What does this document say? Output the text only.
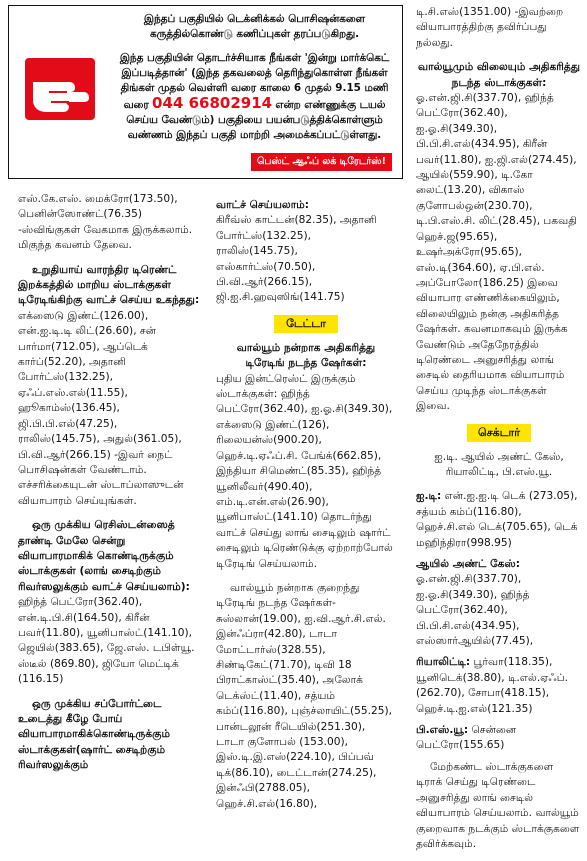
இந்தப் பகுதியில் டெக்னிக்கல் பொசிஷன்களை கருத்தில்கொண்டு கணிப்புகள் தரப்படுகிறது.

இந்த பகுதியின் தொடர்ச்சியாக நீங்கள் 'இன்று மார்க்கெட் இப்படித்தான்' (இந்த தகவலைத் தெரிந்துகொள்ள நீங்கள் திங்கள் முதல் வெள்ளி வரை காலை 6 முதல் 9.15 மணி வரை 044 66802914 என்ற எண்ணுக்கு டயல் செய்ய வேண்டும்) பகுதியை பயன்படுத்திக்கொள்ளும் வண்ணம் இந்தப் பகுதி மாற்றி அமைக்கப்பட்டுள்ளது.

பெஸ்ட் ஆஃப் லக் டிரேடர்ஸ்!

எஸ்.கே.எஸ். மைக்ரோ(173.50), பெனின்ஸோண்ட்(76.35) -ஸ்விங்குகள் வேகமாக இருக்கலாம். மிகுந்த கவனம் தேவை.

உறுதியாய் வாரந்திர டிரெண்ட் இறக்கத்தில் மாறிய ஸ்டாக்குகள் டிரேடிங்கிற்கு வாட்ச் செய்ய உகந்தது:

எக்ஸைடு இண்ட்(126.00), என்.ஐ.டி.டி லிட்(26.60), சன் பார்மா(712.05), ஆப்டெக் கார்ப்(52.20), அதானி போர்ட்ஸ்(132.25), ஏஃப்.எஸ்.எல்(11.55), ஹூகாம்ஸ்(136.45), ஜி.பி.பி.எல்(47.25), ராலிஸ்(145.75), அதுல்(361.05), பி.வி.ஆர்(266.15) -இவர் நைட் பொசிஷன்கள் வேண்டாம். எச்சரிக்கையுடன் ஸ்டாப்லாஸுடன் வியாபாரம் செய்யுங்கள்.

ஒரு முக்கிய ரெசிஸ்டன்ஸைத் தாண்டி மேலே சென்று வியாபாரமாகிக் கொண்டிருக்கும் ஸ்டாக்குகள் (லாங் சைடிற்கும் ரிவர்ஸலுக்கும் வாட்ச் செய்யலாம்):

ஹிந்த் பெட்ரோ(362.40), என்.டி.பி.சி(164.50), கிரீன் பவர்(11.80), யூனிபாஸ்ட்(141.10), ஜெயில்(383.65), ஜே.எஸ். டபிள்யூ. ஸ்டீல் (869.80), ஜியோ மெட்டிக் (116.15)

ஒரு முக்கிய சப்போர்ட்டை உடைத்து கீழே போய் வியாபாரமாகிக்கொண்டிருக்கும் ஸ்டாக்குகள்(ஷார்ட் சைடிற்கும் ரிவர்ஸலுக்கும்

வாட்ச் செய்யலாம்:

கிரீவ்ஸ் காட்டன்(82.35), அதானி போர்ட்ஸ்(132.25), ராலிஸ்(145.75), எஸ்கார்ட்ஸ்(70.50), பி.வி.ஆர்(266.15), ஜி.ஐ.சி.ஹவுஸிங்(141.75)

டேட்டா

வால்யூம் நன்றாக அதிகரித்து டிரேடிங் நடந்த ஷேர்கள்:

புதிய இன்ட்ரெஸ்ட் இருக்கும் ஸ்டாக்குகள்: ஹிந்த் பெட்ரோ(362.40), ஐ.ஓ.சி(349.30), எக்ஸைடு இண்ட்(126), ரிலையன்ஸ்(900.20), ஹெச்.டி.ஏஃப்.சி. பேங்க்(662.85), இந்தியா சிமெண்ட்(85.35), ஹிந்த் யூனிலீவர்(490.40), எம்.டி.என்.எல்(26.90), யூனிபாஸ்ட்(141.10) தொடர்ந்து வாட்ச் செய்து லாங் சைடிலும் ஷார்ட் சைடிலும் டிரெண்டுக்கு ஏற்றாற்போல் டிரேடிங் செய்யலாம்.

வால்யூம் நன்றாக குறைந்து டிரேடிங் நடந்த ஷேர்கள்- சுஸ்லான்(19.00), ஐ.வி.ஆர்.சி.எல். இன்ஃப்ரா(42.80), டாடா மோட்டார்ஸ்(328.55), சிண்டிகேட்(71.70), டிவி 18 பிராட்காஸ்ட்(35.40), அலோக் டெக்ஸ்ட்(11.40), சத்யம் கம்ப்(116.80), புஞ்ச்லாயிட்(55.25), பான்டலூன் ரீடெயில்(251.30), டாடா குளோபல் (153.00), இஸ்.டி.இ.எஸ்(224.10), பிப்பவ் டிக்(86.10), டைட்டான்(274.25), இன்ஃபி(2788.05), ஹெச்.சி.எல்(16.80),

டி.சி.எஸ்(1351.00) -இவற்றை வியாபாரத்திற்கு தவிர்ப்பது நல்லது.

வால்யூமும் விலையும் அதிகரித்து நடந்த ஸ்டாக்குகள்:

ஓ.என்.ஜி.சி(337.70), ஹிந்த் பெட்ரோ(362.40), ஐ.ஓ.சி(349.30), பி.பி.சி.எல்(434.95), கிரீன் பவர்(11.80), ஐ.ஜி.எல்(274.45), ஆயில்(559.90), டி.கோ லைட்(13.20), விகாஸ் குளோபல்ஒன்(230.70), டி.பி.எஸ்.சி. லிட்(28.45), பகவதி ஹெச்.ஜ(95.65), உஷர்அக்ரோ(95.65), எஸ்.டி(364.60), ஏ.பி.எல். அப்போலோ(186.25) இவை வியாபார எண்ணிக்கையிலும், விலையிலும் நன்கு அதிகரித்த ஷேர்கள். கவனமாகவும் இருக்க வேண்டும் அதேநேரத்தில் டிரெண்டை அனுசரித்து லாங் சைடில் தைரியமாக வியாபாரம் செய்ய முடிந்த ஸ்டாக்குகள் இவை.

செக்டார்

ஐ.டி. ஆயில் அண்ட் கேஸ், ரியாலிட்டி, பி.எஸ்.யூ.

ஐ.டி: என்.ஐ.ஐ.டி டெக் (273.05), சத்யம் கம்ப்(116.80), ஹெச்.சி.எல் டெக்(705.65), டெக் மஹிந்திரா(998.95)

ஆயில் அண்ட் கேஸ்: ஓ.என்.ஜி.சி(337.70), ஐ.ஓ.சி(349.30), ஹிந்த் பெட்ரோ(362.40), பி.பி.சி.எல்(434.95), எஸ்ஸார்ஆயில்(77.45),

ரியாலிட்டி: பூர்வா(118.35), யூனிடெக்(38.80), டி.எல்.ஏஃப். (262.70), சோபா(418.15), ஹெச்.டி.ஐ.எல்(121.35)

பி.எஸ்.யூ: சென்னை பெட்ரோ(155.65)

மேற்கண்ட ஸ்டாக்குகளை டிராக் செய்து டிரெண்டை அனுசரித்து லாங் சைடில் வியாபாரம் செய்யலாம். வால்யூம் குறைவாக நடக்கும் ஸ்டாக்குகளை தவிர்க்கவும்.
